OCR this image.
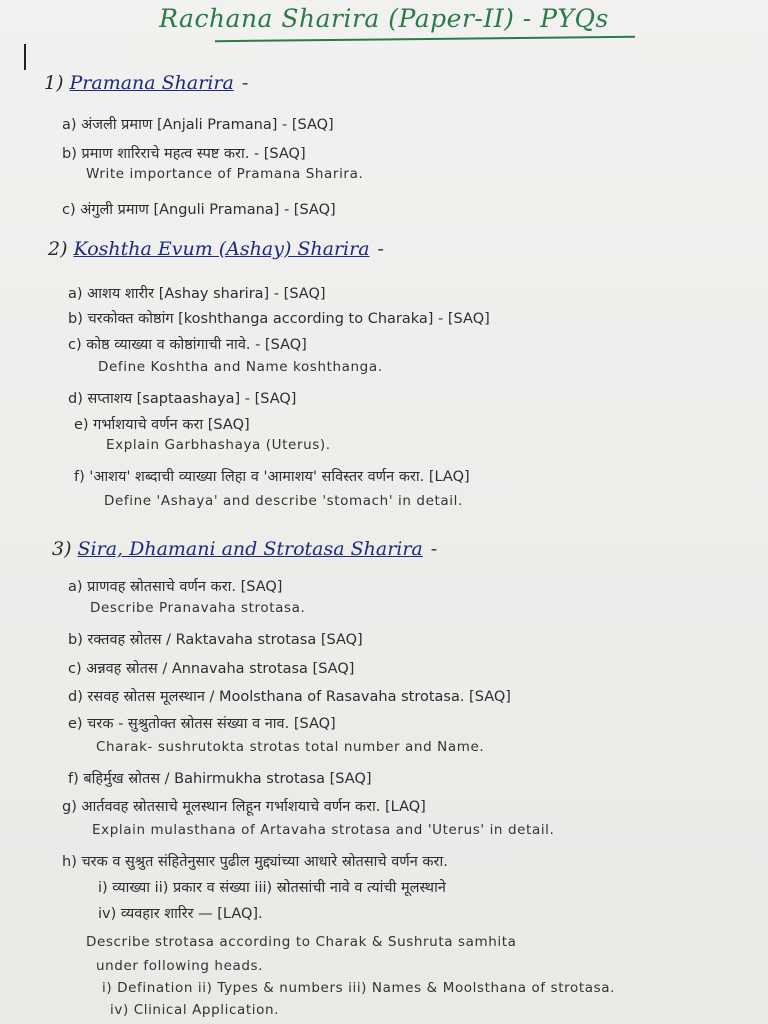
Rachana Sharira (Paper-II) - PYQs
1) Pramana Sharira -
a) अंजली प्रमाण [Anjali Pramana] - [SAQ]
b) प्रमाण शारिराचे महत्व स्पष्ट करा. - [SAQ]
Write importance of Pramana Sharira.
c) अंगुली प्रमाण [Anguli Pramana] - [SAQ]
2) Koshtha Evum (Ashay) Sharira -
a) आशय शारीर [Ashay sharira] - [SAQ]
b) चरकोक्त कोष्ठांग [koshthanga according to Charaka] - [SAQ]
c) कोष्ठ व्याख्या व कोष्ठांगाची नावे. - [SAQ]
Define Koshtha and Name koshthanga.
d) सप्ताशय [saptaashaya] - [SAQ]
e) गर्भाशयाचे वर्णन करा [SAQ]
Explain Garbhashaya (Uterus).
f) 'आशय' शब्दाची व्याख्या लिहा व 'आमाशय' सविस्तर वर्णन करा. [LAQ]
Define 'Ashaya' and describe 'stomach' in detail.
3) Sira, Dhamani and Strotasa Sharira -
a) प्राणवह स्रोतसाचे वर्णन करा. [SAQ]
Describe Pranavaha strotasa.
b) रक्तवह स्रोतस / Raktavaha strotasa [SAQ]
c) अन्नवह स्रोतस / Annavaha strotasa [SAQ]
d) रसवह स्रोतस मूलस्थान / Moolsthana of Rasavaha strotasa. [SAQ]
e) चरक - सुश्रुतोक्त स्रोतस संख्या व नाव. [SAQ]
Charak- sushrutokta strotas total number and Name.
f) बहिर्मुख स्रोतस / Bahirmukha strotasa [SAQ]
g) आर्तववह स्रोतसाचे मूलस्थान लिहून गर्भाशयाचे वर्णन करा. [LAQ]
Explain mulasthana of Artavaha strotasa and 'Uterus' in detail.
h) चरक व सुश्रुत संहितेनुसार पुढील मुद्द्यांच्या आधारे स्रोतसाचे वर्णन करा.
i) व्याख्या ii) प्रकार व संख्या iii) स्रोतसांची नावे व त्यांची मूलस्थाने
iv) व्यवहार शारिर — [LAQ].
Describe strotasa according to Charak & Sushruta samhita
under following heads.
i) Defination ii) Types & numbers iii) Names & Moolsthana of strotasa.
iv) Clinical Application.
